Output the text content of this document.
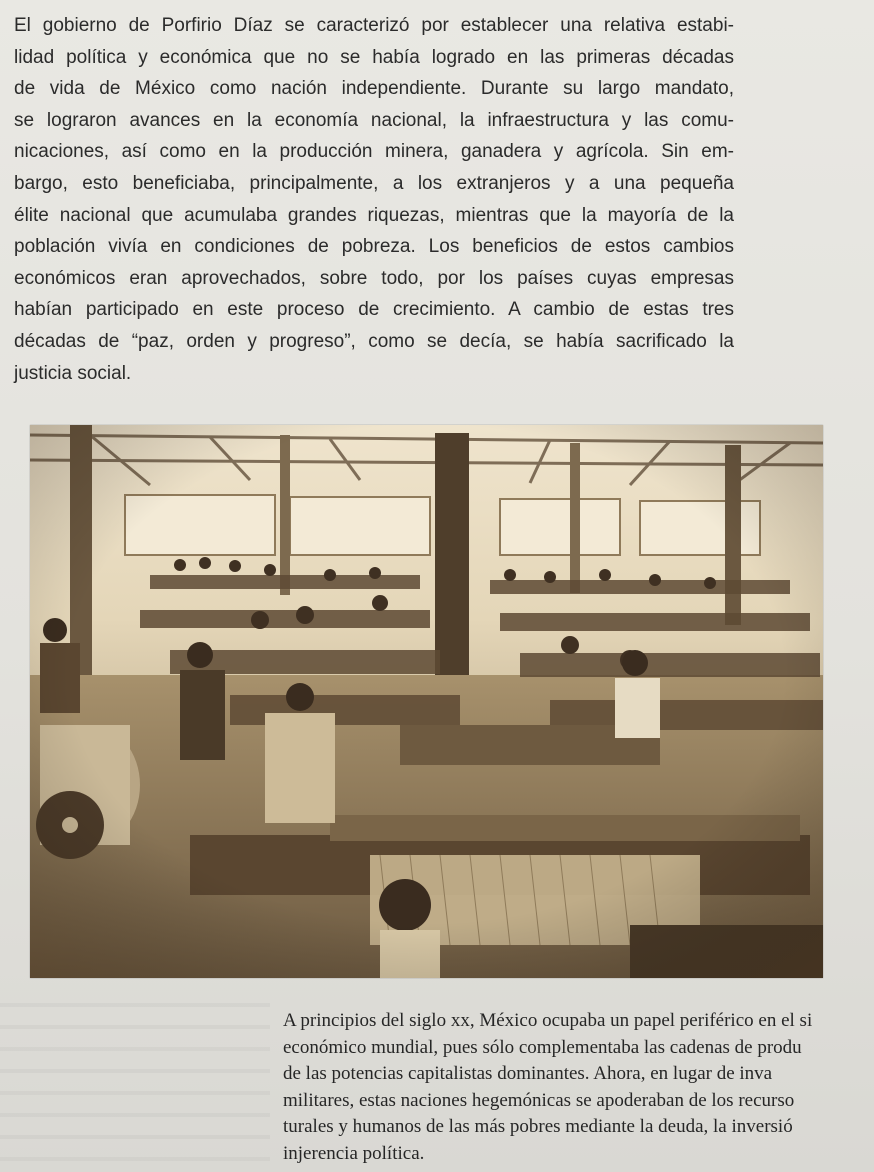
El gobierno de Porfirio Díaz se caracterizó por establecer una relativa estabi-
lidad política y económica que no se había logrado en las primeras décadas
de vida de México como nación independiente. Durante su largo mandato,
se lograron avances en la economía nacional, la infraestructura y las comu-
nicaciones, así como en la producción minera, ganadera y agrícola. Sin em-
bargo, esto beneficiaba, principalmente, a los extranjeros y a una pequeña
élite nacional que acumulaba grandes riquezas, mientras que la mayoría de la
población vivía en condiciones de pobreza. Los beneficios de estos cambios
económicos eran aprovechados, sobre todo, por los países cuyas empresas
habían participado en este proceso de crecimiento. A cambio de estas tres
décadas de “paz, orden y progreso”, como se decía, se había sacrificado la
justicia social.
A principios del siglo xx, México ocupaba un papel periférico en el si
económico mundial, pues sólo complementaba las cadenas de produ
de las potencias capitalistas dominantes. Ahora, en lugar de inva
militares, estas naciones hegemónicas se apoderaban de los recurso
turales y humanos de las más pobres mediante la deuda, la inversió
injerencia política.
